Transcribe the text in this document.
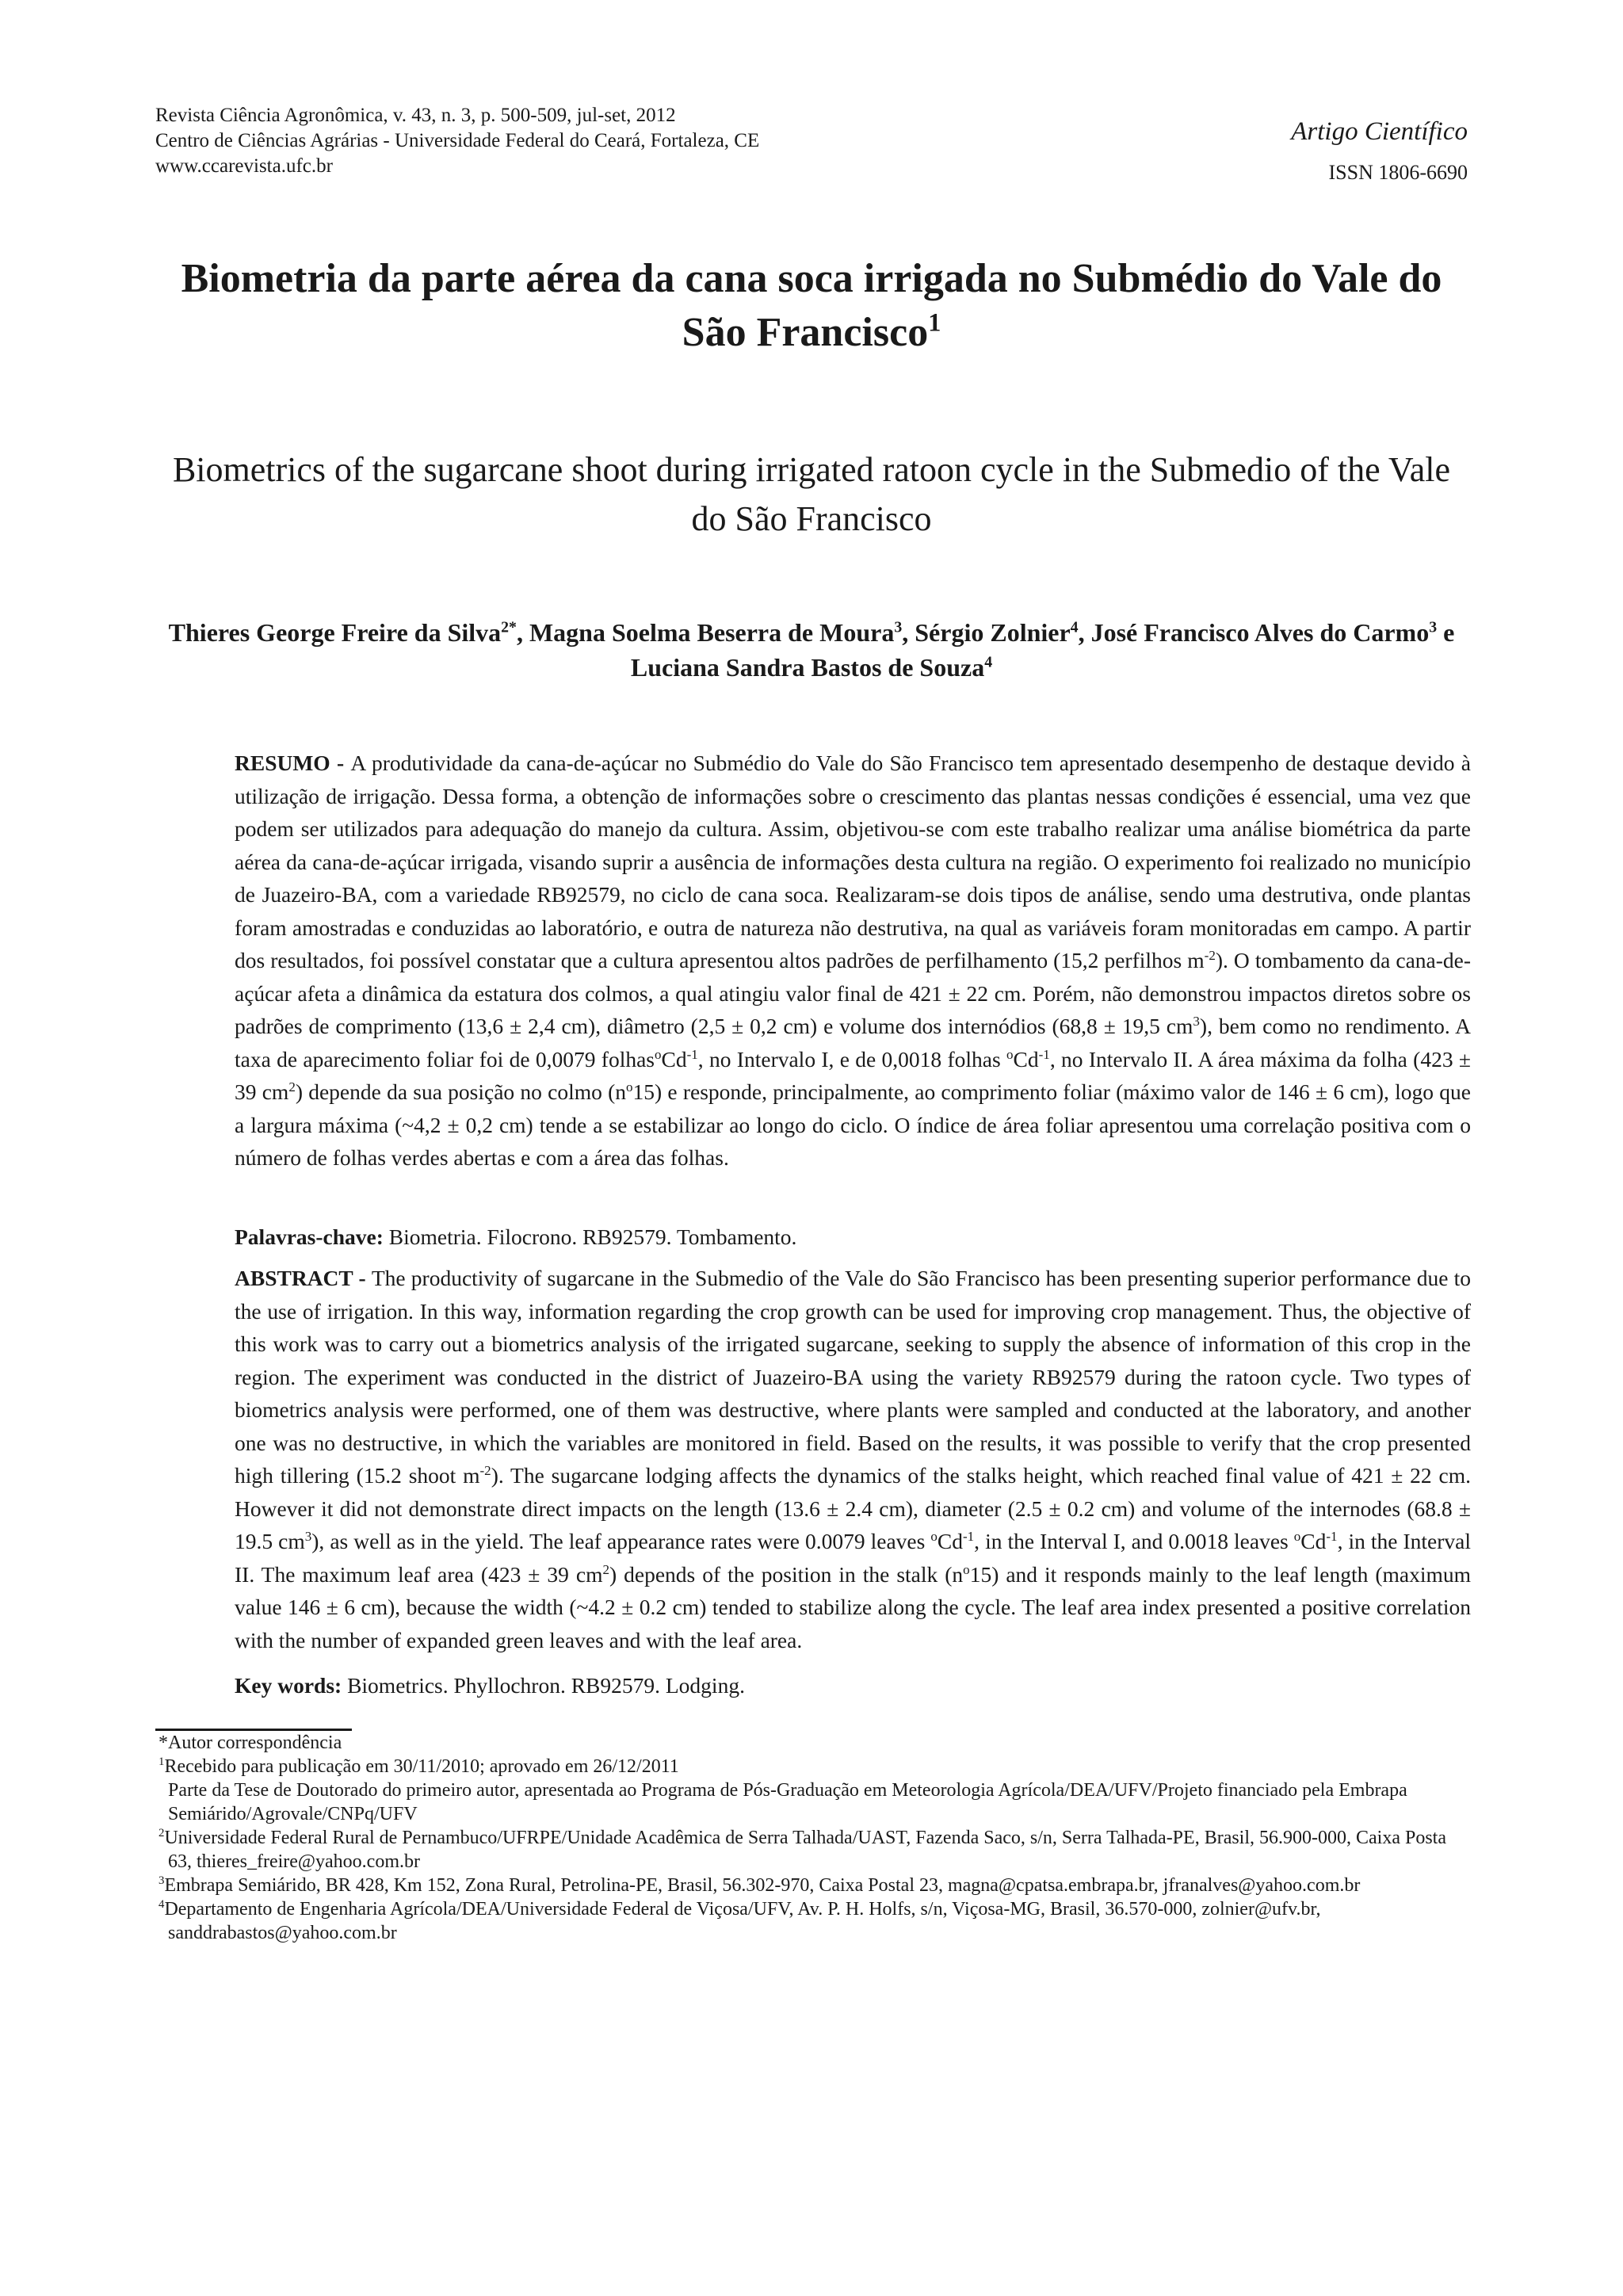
Revista Ciência Agronômica, v. 43, n. 3, p. 500-509, jul-set, 2012
Centro de Ciências Agrárias - Universidade Federal do Ceará, Fortaleza, CE
www.ccarevista.ufc.br
Artigo Científico
ISSN 1806-6690
Biometria da parte aérea da cana soca irrigada no Submédio do Vale do São Francisco$^1$
Biometrics of the sugarcane shoot during irrigated ratoon cycle in the Submedio of the Vale do São Francisco
Thieres George Freire da Silva$^{2*}$, Magna Soelma Beserra de Moura$^3$, Sérgio Zolnier$^4$, José Francisco Alves do Carmo$^3$ e Luciana Sandra Bastos de Souza$^4$
RESUMO - A produtividade da cana-de-açúcar no Submédio do Vale do São Francisco tem apresentado desempenho de destaque devido à utilização de irrigação. Dessa forma, a obtenção de informações sobre o crescimento das plantas nessas condições é essencial, uma vez que podem ser utilizados para adequação do manejo da cultura. Assim, objetivou-se com este trabalho realizar uma análise biométrica da parte aérea da cana-de-açúcar irrigada, visando suprir a ausência de informações desta cultura na região. O experimento foi realizado no município de Juazeiro-BA, com a variedade RB92579, no ciclo de cana soca. Realizaram-se dois tipos de análise, sendo uma destrutiva, onde plantas foram amostradas e conduzidas ao laboratório, e outra de natureza não destrutiva, na qual as variáveis foram monitoradas em campo. A partir dos resultados, foi possível constatar que a cultura apresentou altos padrões de perfilhamento (15,2 perfilhos $m^{-2}$). O tombamento da cana-de-açúcar afeta a dinâmica da estatura dos colmos, a qual atingiu valor final de 421 ± 22 cm. Porém, não demonstrou impactos diretos sobre os padrões de comprimento (13,6 ± 2,4 cm), diâmetro (2,5 ± 0,2 cm) e volume dos internódios (68,8 ± 19,5 $cm^3$), bem como no rendimento. A taxa de aparecimento foliar foi de 0,0079 $folhas^oCd^{-1}$, no Intervalo I, e de 0,0018 folhas $^oCd^{-1}$, no Intervalo II. A área máxima da folha (423 ± 39 $cm^2$) depende da sua posição no colmo $(n^o15)$ e responde, principalmente, ao comprimento foliar (máximo valor de 146 ± 6 cm), logo que a largura máxima (~4,2 ± 0,2 cm) tende a se estabilizar ao longo do ciclo. O índice de área foliar apresentou uma correlação positiva com o número de folhas verdes abertas e com a área das folhas.
Palavras-chave: Biometria. Filocrono. RB92579. Tombamento.
ABSTRACT - The productivity of sugarcane in the Submedio of the Vale do São Francisco has been presenting superior performance due to the use of irrigation. In this way, information regarding the crop growth can be used for improving crop management. Thus, the objective of this work was to carry out a biometrics analysis of the irrigated sugarcane, seeking to supply the absence of information of this crop in the region. The experiment was conducted in the district of Juazeiro-BA using the variety RB92579 during the ratoon cycle. Two types of biometrics analysis were performed, one of them was destructive, where plants were sampled and conducted at the laboratory, and another one was no destructive, in which the variables are monitored in field. Based on the results, it was possible to verify that the crop presented high tillering (15.2 shoot $m^{-2}$). The sugarcane lodging affects the dynamics of the stalks height, which reached final value of 421 ± 22 cm. However it did not demonstrate direct impacts on the length (13.6 ± 2.4 cm), diameter (2.5 ± 0.2 cm) and volume of the internodes (68.8 ± 19.5 $cm^3$), as well as in the yield. The leaf appearance rates were 0.0079 leaves $^oCd^{-1}$, in the Interval I, and 0.0018 leaves $^oCd^{-1}$, in the Interval II. The maximum leaf area (423 ± 39 $cm^2$) depends of the position in the stalk $(n^o15)$ and it responds mainly to the leaf length (maximum value 146 ± 6 cm), because the width (~4.2 ± 0.2 cm) tended to stabilize along the cycle. The leaf area index presented a positive correlation with the number of expanded green leaves and with the leaf area.
Key words: Biometrics. Phyllochron. RB92579. Lodging.
*Autor correspondência
$^1$Recebido para publicação em 30/11/2010; aprovado em 26/12/2011
Parte da Tese de Doutorado do primeiro autor, apresentada ao Programa de Pós-Graduação em Meteorologia Agrícola/DEA/UFV/Projeto financiado pela Embrapa Semiárido/Agrovale/CNPq/UFV
$^2$Universidade Federal Rural de Pernambuco/UFRPE/Unidade Acadêmica de Serra Talhada/UAST, Fazenda Saco, s/n, Serra Talhada-PE, Brasil, 56.900-000, Caixa Posta 63, thieres_freire@yahoo.com.br
$^3$Embrapa Semiárido, BR 428, Km 152, Zona Rural, Petrolina-PE, Brasil, 56.302-970, Caixa Postal 23, magna@cpatsa.embrapa.br, jfranalves@yahoo.com.br
$^4$Departamento de Engenharia Agrícola/DEA/Universidade Federal de Viçosa/UFV, Av. P. H. Holfs, s/n, Viçosa-MG, Brasil, 36.570-000, zolnier@ufv.br, sanddrabastos@yahoo.com.br
